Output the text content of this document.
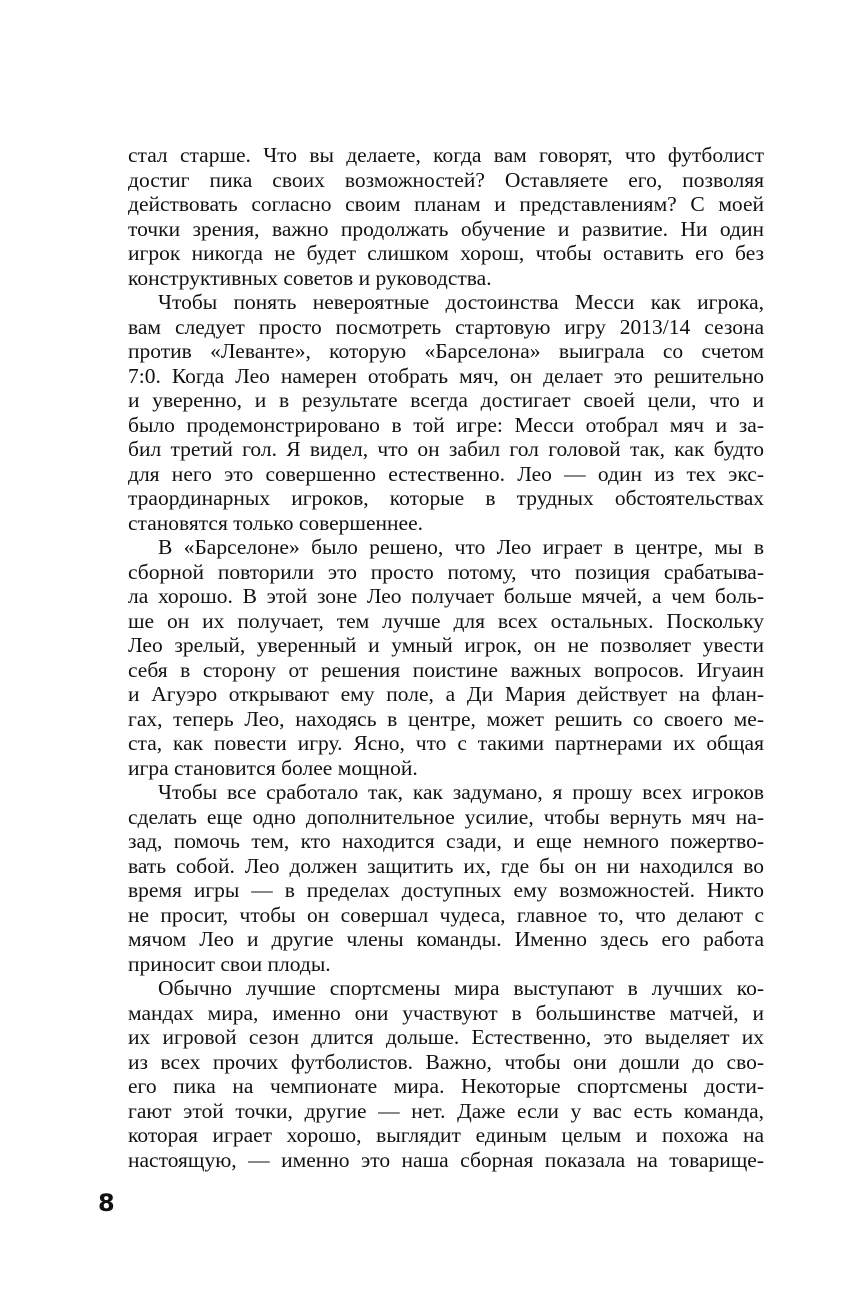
стал старше. Что вы делаете, когда вам говорят, что футболист
достиг пика своих возможностей? Оставляете его, позволяя
действовать согласно своим планам и представлениям? С моей
точки зрения, важно продолжать обучение и развитие. Ни один
игрок никогда не будет слишком хорош, чтобы оставить его без
конструктивных советов и руководства.
Чтобы понять невероятные достоинства Месси как игрока,
вам следует просто посмотреть стартовую игру 2013/14 сезона
против «Леванте», которую «Барселона» выиграла со счетом
7:0. Когда Лео намерен отобрать мяч, он делает это решительно
и уверенно, и в результате всегда достигает своей цели, что и
было продемонстрировано в той игре: Месси отобрал мяч и за-
бил третий гол. Я видел, что он забил гол головой так, как будто
для него это совершенно естественно. Лео — один из тех экс-
траординарных игроков, которые в трудных обстоятельствах
становятся только совершеннее.
В «Барселоне» было решено, что Лео играет в центре, мы в
сборной повторили это просто потому, что позиция срабатыва-
ла хорошо. В этой зоне Лео получает больше мячей, а чем боль-
ше он их получает, тем лучше для всех остальных. Поскольку
Лео зрелый, уверенный и умный игрок, он не позволяет увести
себя в сторону от решения поистине важных вопросов. Игуаин
и Агуэро открывают ему поле, а Ди Мария действует на флан-
гах, теперь Лео, находясь в центре, может решить со своего ме-
ста, как повести игру. Ясно, что с такими партнерами их общая
игра становится более мощной.
Чтобы все сработало так, как задумано, я прошу всех игроков
сделать еще одно дополнительное усилие, чтобы вернуть мяч на-
зад, помочь тем, кто находится сзади, и еще немного пожертво-
вать собой. Лео должен защитить их, где бы он ни находился во
время игры — в пределах доступных ему возможностей. Никто
не просит, чтобы он совершал чудеса, главное то, что делают с
мячом Лео и другие члены команды. Именно здесь его работа
приносит свои плоды.
Обычно лучшие спортсмены мира выступают в лучших ко-
мандах мира, именно они участвуют в большинстве матчей, и
их игровой сезон длится дольше. Естественно, это выделяет их
из всех прочих футболистов. Важно, чтобы они дошли до сво-
его пика на чемпионате мира. Некоторые спортсмены дости-
гают этой точки, другие — нет. Даже если у вас есть команда,
которая играет хорошо, выглядит единым целым и похожа на
настоящую, — именно это наша сборная показала на товарище-
8
